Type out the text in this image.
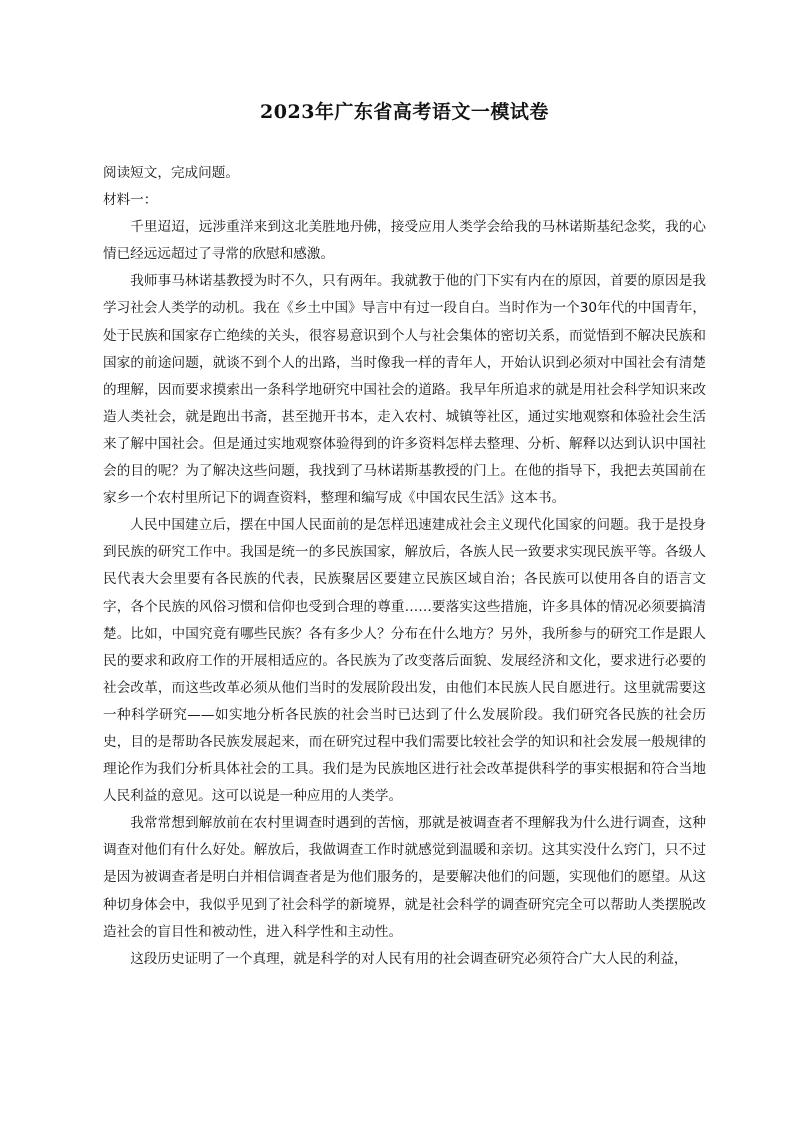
2023年广东省高考语文一模试卷

阅读短文，完成问题。

材料一：

千里迢迢，远涉重洋来到这北美胜地丹佛，接受应用人类学会给我的马林诺斯基纪念奖，我的心情已经远远超过了寻常的欣慰和感激。

我师事马林诺基教授为时不久，只有两年。我就教于他的门下实有内在的原因，首要的原因是我学习社会人类学的动机。我在《乡土中国》导言中有过一段自白。当时作为一个30年代的中国青年，处于民族和国家存亡绝续的关头，很容易意识到个人与社会集体的密切关系，而觉悟到不解决民族和国家的前途问题，就谈不到个人的出路，当时像我一样的青年人，开始认识到必须对中国社会有清楚的理解，因而要求摸索出一条科学地研究中国社会的道路。我早年所追求的就是用社会科学知识来改造人类社会，就是跑出书斋，甚至抛开书本，走入农村、城镇等社区，通过实地观察和体验社会生活来了解中国社会。但是通过实地观察体验得到的许多资料怎样去整理、分析、解释以达到认识中国社会的目的呢？为了解决这些问题，我找到了马林诺斯基教授的门上。在他的指导下，我把去英国前在家乡一个农村里所记下的调查资料，整理和编写成《中国农民生活》这本书。

人民中国建立后，摆在中国人民面前的是怎样迅速建成社会主义现代化国家的问题。我于是投身到民族的研究工作中。我国是统一的多民族国家，解放后，各族人民一致要求实现民族平等。各级人民代表大会里要有各民族的代表，民族聚居区要建立民族区域自治；各民族可以使用各自的语言文字，各个民族的风俗习惯和信仰也受到合理的尊重……要落实这些措施，许多具体的情况必须要搞清楚。比如，中国究竟有哪些民族？各有多少人？分布在什么地方？另外，我所参与的研究工作是跟人民的要求和政府工作的开展相适应的。各民族为了改变落后面貌、发展经济和文化，要求进行必要的社会改革，而这些改革必须从他们当时的发展阶段出发，由他们本民族人民自愿进行。这里就需要这一种科学研究——如实地分析各民族的社会当时已达到了什么发展阶段。我们研究各民族的社会历史，目的是帮助各民族发展起来，而在研究过程中我们需要比较社会学的知识和社会发展一般规律的理论作为我们分析具体社会的工具。我们是为民族地区进行社会改革提供科学的事实根据和符合当地人民利益的意见。这可以说是一种应用的人类学。

我常常想到解放前在农村里调查时遇到的苦恼，那就是被调查者不理解我为什么进行调查，这种调查对他们有什么好处。解放后，我做调查工作时就感觉到温暖和亲切。这其实没什么窍门，只不过是因为被调查者是明白并相信调查者是为他们服务的，是要解决他们的问题，实现他们的愿望。从这种切身体会中，我似乎见到了社会科学的新境界，就是社会科学的调查研究完全可以帮助人类摆脱改造社会的盲目性和被动性，进入科学性和主动性。

这段历史证明了一个真理，就是科学的对人民有用的社会调查研究必须符合广大人民的利益，
